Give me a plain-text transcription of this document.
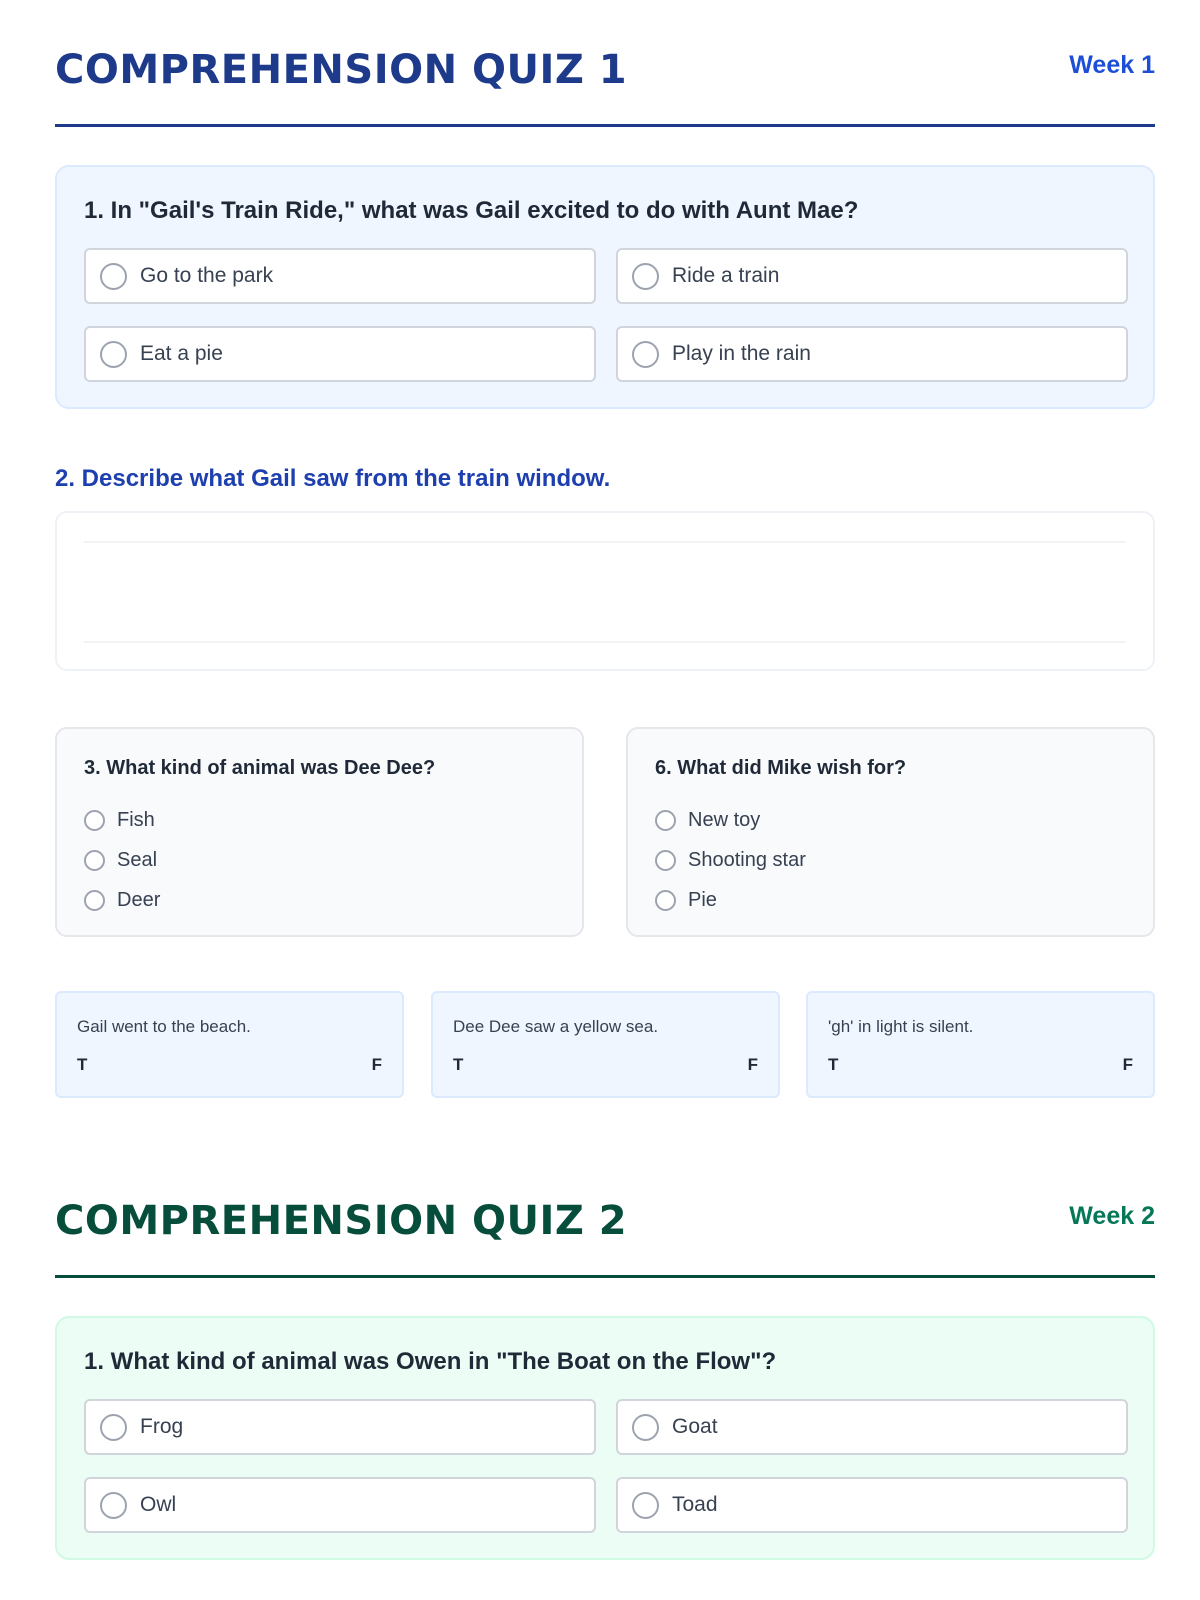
COMPREHENSION QUIZ 1	Week 1
1. In "Gail's Train Ride," what was Gail excited to do with Aunt Mae?
Go to the park	Ride a train
Eat a pie	Play in the rain
2. Describe what Gail saw from the train window.
3. What kind of animal was Dee Dee?
Fish
Seal
Deer
6. What did Mike wish for?
New toy
Shooting star
Pie
Gail went to the beach.
T	F
Dee Dee saw a yellow sea.
T	F
'gh' in light is silent.
T	F
COMPREHENSION QUIZ 2	Week 2
1. What kind of animal was Owen in "The Boat on the Flow"?
Frog	Goat
Owl	Toad
